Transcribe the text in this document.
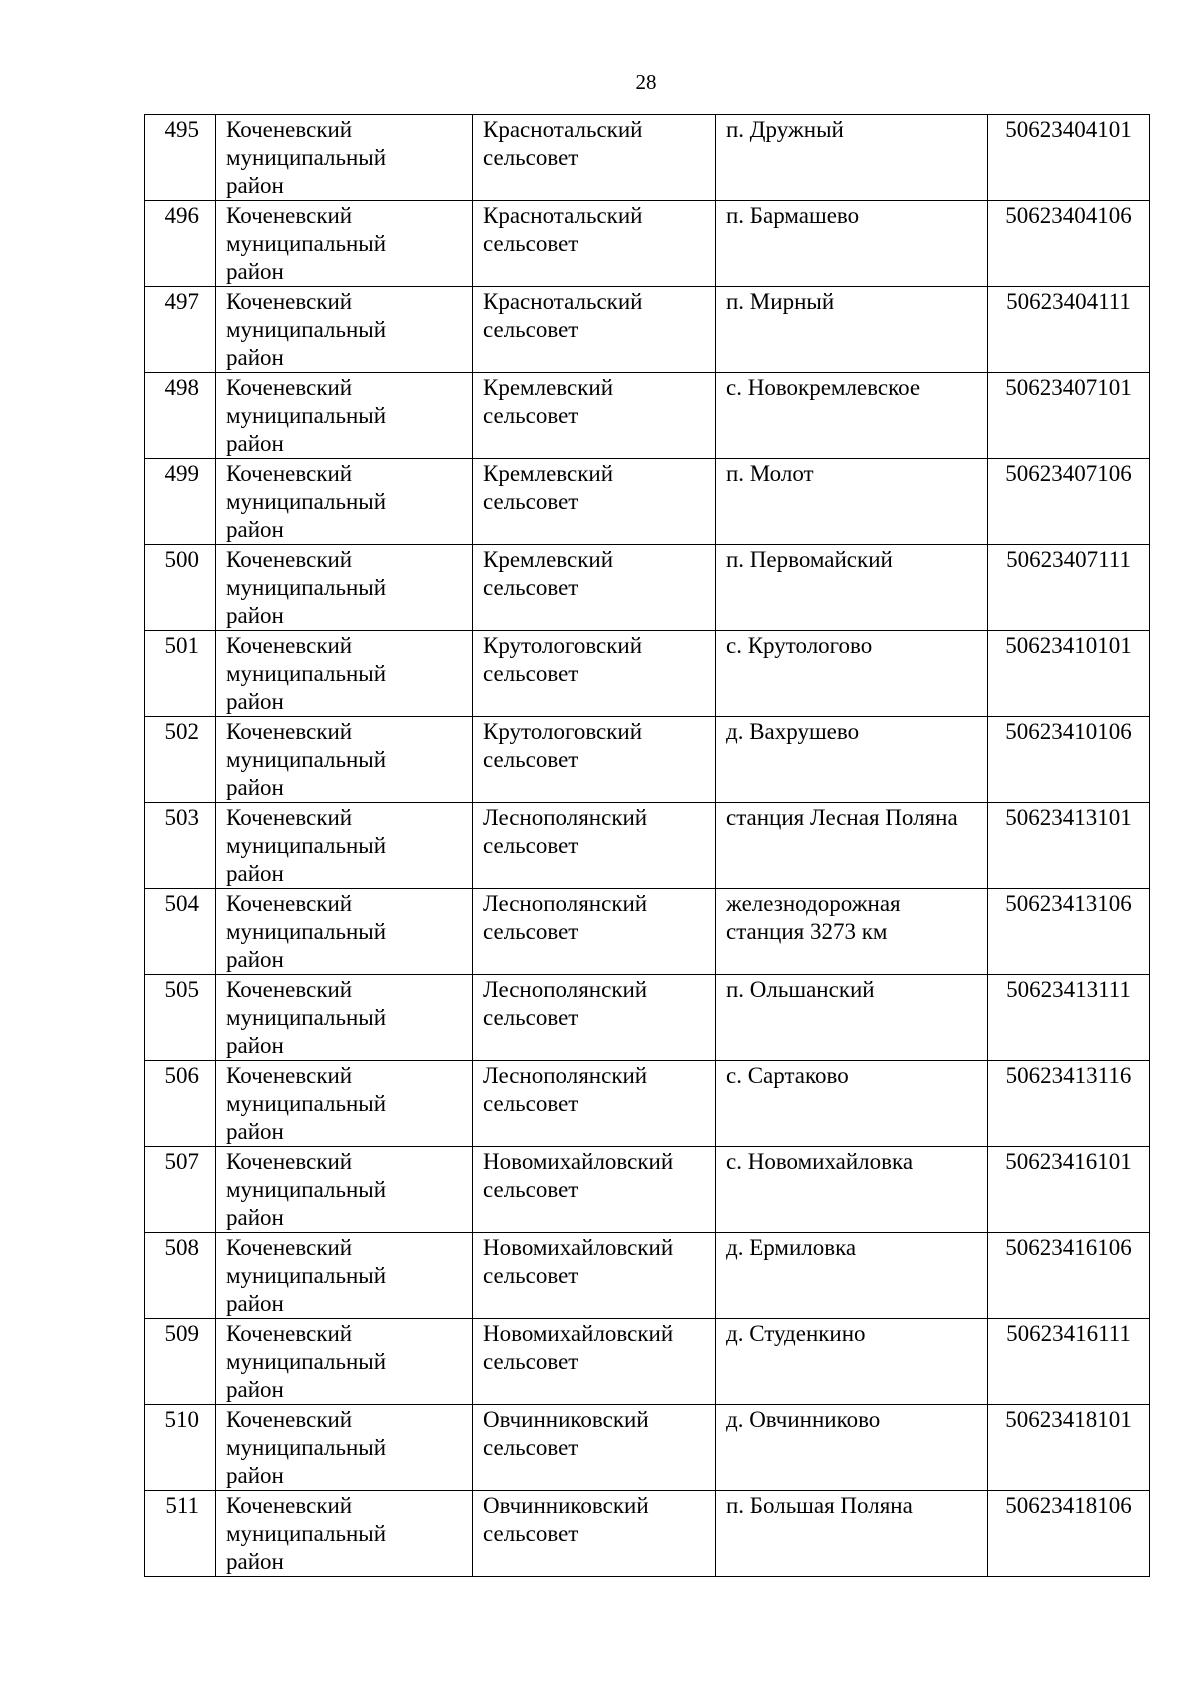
28
495	Коченевский
муниципальный
район	Краснотальский
сельсовет	п. Дружный	50623404101
496	Коченевский
муниципальный
район	Краснотальский
сельсовет	п. Бармашево	50623404106
497	Коченевский
муниципальный
район	Краснотальский
сельсовет	п. Мирный	50623404111
498	Коченевский
муниципальный
район	Кремлевский
сельсовет	с. Новокремлевское	50623407101
499	Коченевский
муниципальный
район	Кремлевский
сельсовет	п. Молот	50623407106
500	Коченевский
муниципальный
район	Кремлевский
сельсовет	п. Первомайский	50623407111
501	Коченевский
муниципальный
район	Крутологовский
сельсовет	с. Крутологово	50623410101
502	Коченевский
муниципальный
район	Крутологовский
сельсовет	д. Вахрушево	50623410106
503	Коченевский
муниципальный
район	Леснополянский
сельсовет	станция Лесная Поляна	50623413101
504	Коченевский
муниципальный
район	Леснополянский
сельсовет	железнодорожная
станция 3273 км	50623413106
505	Коченевский
муниципальный
район	Леснополянский
сельсовет	п. Ольшанский	50623413111
506	Коченевский
муниципальный
район	Леснополянский
сельсовет	с. Сартаково	50623413116
507	Коченевский
муниципальный
район	Новомихайловский
сельсовет	с. Новомихайловка	50623416101
508	Коченевский
муниципальный
район	Новомихайловский
сельсовет	д. Ермиловка	50623416106
509	Коченевский
муниципальный
район	Новомихайловский
сельсовет	д. Студенкино	50623416111
510	Коченевский
муниципальный
район	Овчинниковский
сельсовет	д. Овчинниково	50623418101
511	Коченевский
муниципальный
район	Овчинниковский
сельсовет	п. Большая Поляна	50623418106
